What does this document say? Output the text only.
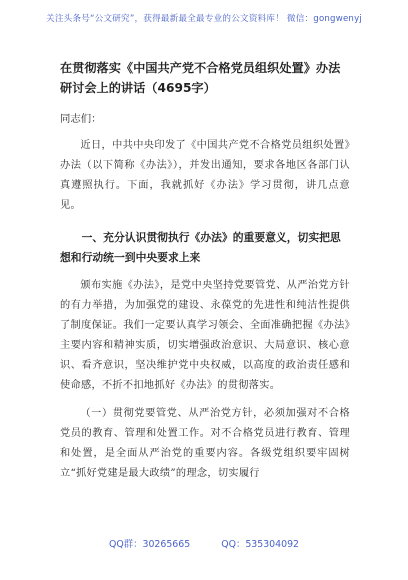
关注头条号“公文研究”，获得最新最全最专业的公文资料库！ 微信：gongwenyj
在贯彻落实《中国共产党不合格党员组织处置》办法研讨会上的讲话（4695字）
同志们：

近日，中共中央印发了《中国共产党不合格党员组织处置》办法（以下简称《办法》），并发出通知，要求各地区各部门认真遵照执行。下面，我就抓好《办法》学习贯彻，讲几点意见。

一、充分认识贯彻执行《办法》的重要意义，切实把思想和行动统一到中央要求上来

颁布实施《办法》，是党中央坚持党要管党、从严治党方针的有力举措，为加强党的建设、永葆党的先进性和纯洁性提供了制度保证。我们一定要认真学习领会、全面准确把握《办法》主要内容和精神实质，切实增强政治意识、大局意识、核心意识、看齐意识，坚决维护党中央权威，以高度的政治责任感和使命感，不折不扣地抓好《办法》的贯彻落实。

（一）贯彻党要管党、从严治党方针，必须加强对不合格党员的教育、管理和处置工作。对不合格党员进行教育、管理和处置，是全面从严治党的重要内容。各级党组织要牢固树立“抓好党建是最大政绩”的理念，切实履行

QQ群：30265665	QQ：535304092
